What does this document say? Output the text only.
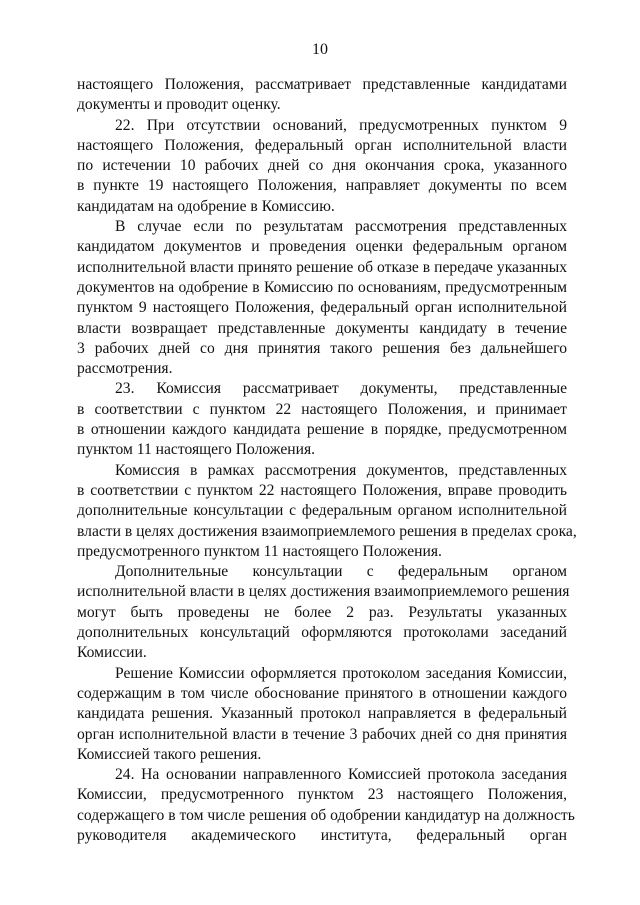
10
настоящего Положения, рассматривает представленные кандидатами
документы и проводит оценку.
22. При отсутствии оснований, предусмотренных пунктом 9
настоящего Положения, федеральный орган исполнительной власти
по истечении 10 рабочих дней со дня окончания срока, указанного
в пункте 19 настоящего Положения, направляет документы по всем
кандидатам на одобрение в Комиссию.
В случае если по результатам рассмотрения представленных
кандидатом документов и проведения оценки федеральным органом
исполнительной власти принято решение об отказе в передаче указанных
документов на одобрение в Комиссию по основаниям, предусмотренным
пунктом 9 настоящего Положения, федеральный орган исполнительной
власти возвращает представленные документы кандидату в течение
3 рабочих дней со дня принятия такого решения без дальнейшего
рассмотрения.
23. Комиссия рассматривает документы, представленные
в соответствии с пунктом 22 настоящего Положения, и принимает
в отношении каждого кандидата решение в порядке, предусмотренном
пунктом 11 настоящего Положения.
Комиссия в рамках рассмотрения документов, представленных
в соответствии с пунктом 22 настоящего Положения, вправе проводить
дополнительные консультации с федеральным органом исполнительной
власти в целях достижения взаимоприемлемого решения в пределах срока,
предусмотренного пунктом 11 настоящего Положения.
Дополнительные консультации с федеральным органом
исполнительной власти в целях достижения взаимоприемлемого решения
могут быть проведены не более 2 раз. Результаты указанных
дополнительных консультаций оформляются протоколами заседаний
Комиссии.
Решение Комиссии оформляется протоколом заседания Комиссии,
содержащим в том числе обоснование принятого в отношении каждого
кандидата решения. Указанный протокол направляется в федеральный
орган исполнительной власти в течение 3 рабочих дней со дня принятия
Комиссией такого решения.
24. На основании направленного Комиссией протокола заседания
Комиссии, предусмотренного пунктом 23 настоящего Положения,
содержащего в том числе решения об одобрении кандидатур на должность
руководителя академического института, федеральный орган
